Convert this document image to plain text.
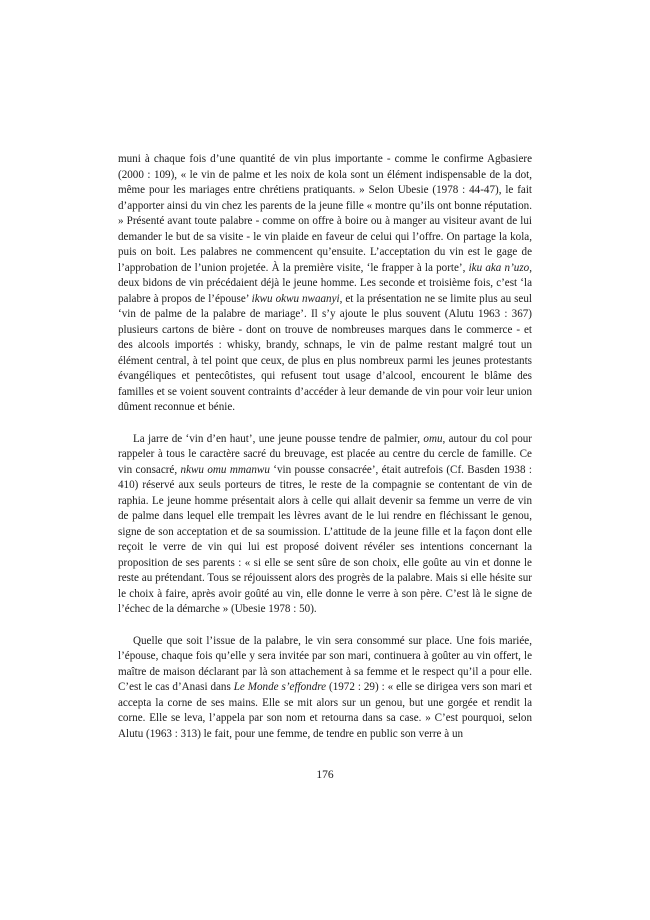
muni à chaque fois d’une quantité de vin plus importante - comme le confirme Agbasiere (2000 : 109), « le vin de palme et les noix de kola sont un élément indispensable de la dot, même pour les mariages entre chrétiens pratiquants. » Selon Ubesie (1978 : 44-47), le fait d’apporter ainsi du vin chez les parents de la jeune fille « montre qu’ils ont bonne réputation. » Présenté avant toute palabre - comme on offre à boire ou à manger au visiteur avant de lui demander le but de sa visite - le vin plaide en faveur de celui qui l’offre. On partage la kola, puis on boit. Les palabres ne commencent qu’ensuite. L’acceptation du vin est le gage de l’approbation de l’union projetée. À la première visite, ‘le frapper à la porte’, iku aka n’uzo, deux bidons de vin précédaient déjà le jeune homme. Les seconde et troisième fois, c’est ‘la palabre à propos de l’épouse’ ikwu okwu nwaanyi, et la présentation ne se limite plus au seul ‘vin de palme de la palabre de mariage’. Il s’y ajoute le plus souvent (Alutu 1963 : 367) plusieurs cartons de bière - dont on trouve de nombreuses marques dans le commerce - et des alcools importés : whisky, brandy, schnaps, le vin de palme restant malgré tout un élément central, à tel point que ceux, de plus en plus nombreux parmi les jeunes protestants évangéliques et pentecôtistes, qui refusent tout usage d’alcool, encourent le blâme des familles et se voient souvent contraints d’accéder à leur demande de vin pour voir leur union dûment reconnue et bénie.

La jarre de ‘vin d’en haut’, une jeune pousse tendre de palmier, omu, autour du col pour rappeler à tous le caractère sacré du breuvage, est placée au centre du cercle de famille. Ce vin consacré, nkwu omu mmanwu ‘vin pousse consacrée’, était autrefois (Cf. Basden 1938 : 410) réservé aux seuls porteurs de titres, le reste de la compagnie se contentant de vin de raphia. Le jeune homme présentait alors à celle qui allait devenir sa femme un verre de vin de palme dans lequel elle trempait les lèvres avant de le lui rendre en fléchissant le genou, signe de son acceptation et de sa soumission. L’attitude de la jeune fille et la façon dont elle reçoit le verre de vin qui lui est proposé doivent révéler ses intentions concernant la proposition de ses parents : « si elle se sent sûre de son choix, elle goûte au vin et donne le reste au prétendant. Tous se réjouissent alors des progrès de la palabre. Mais si elle hésite sur le choix à faire, après avoir goûté au vin, elle donne le verre à son père. C’est là le signe de l’échec de la démarche » (Ubesie 1978 : 50).

Quelle que soit l’issue de la palabre, le vin sera consommé sur place. Une fois mariée, l’épouse, chaque fois qu’elle y sera invitée par son mari, continuera à goûter au vin offert, le maître de maison déclarant par là son attachement à sa femme et le respect qu’il a pour elle. C’est le cas d’Anasi dans Le Monde s’effondre (1972 : 29) : « elle se dirigea vers son mari et accepta la corne de ses mains. Elle se mit alors sur un genou, but une gorgée et rendit la corne. Elle se leva, l’appela par son nom et retourna dans sa case. » C’est pourquoi, selon Alutu (1963 : 313) le fait, pour une femme, de tendre en public son verre à un

176
